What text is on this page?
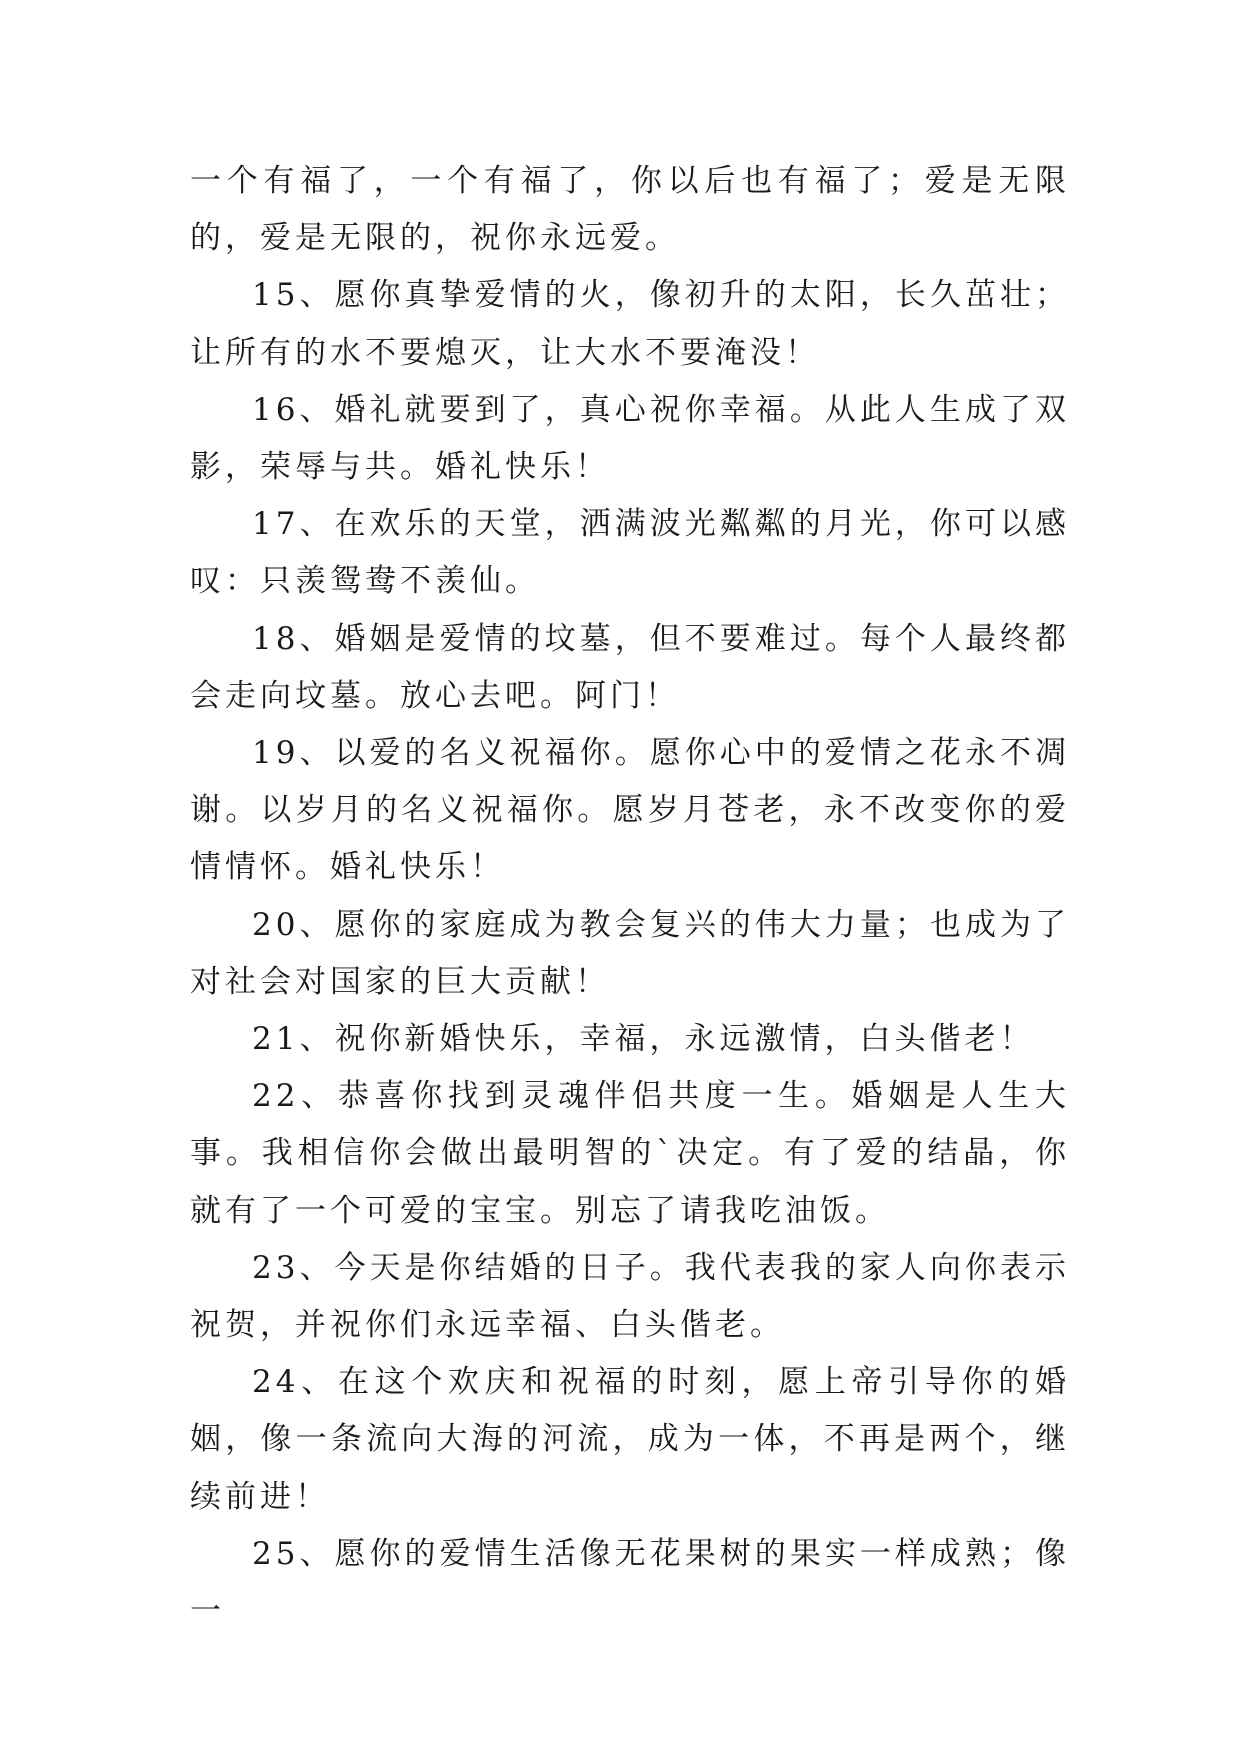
一个有福了，一个有福了，你以后也有福了；爱是无限的，爱是无限的，祝你永远爱。

15、愿你真挚爱情的火，像初升的太阳，长久茁壮；让所有的水不要熄灭，让大水不要淹没！

16、婚礼就要到了，真心祝你幸福。从此人生成了双影，荣辱与共。婚礼快乐！

17、在欢乐的天堂，洒满波光粼粼的月光，你可以感叹：只羡鸳鸯不羡仙。

18、婚姻是爱情的坟墓，但不要难过。每个人最终都会走向坟墓。放心去吧。阿门！

19、以爱的名义祝福你。愿你心中的爱情之花永不凋谢。以岁月的名义祝福你。愿岁月苍老，永不改变你的爱情情怀。婚礼快乐！

20、愿你的家庭成为教会复兴的伟大力量；也成为了对社会对国家的巨大贡献！

21、祝你新婚快乐，幸福，永远激情，白头偕老！

22、恭喜你找到灵魂伴侣共度一生。婚姻是人生大事。我相信你会做出最明智的`决定。有了爱的结晶，你就有了一个可爱的宝宝。别忘了请我吃油饭。

23、今天是你结婚的日子。我代表我的家人向你表示祝贺，并祝你们永远幸福、白头偕老。

24、在这个欢庆和祝福的时刻，愿上帝引导你的婚姻，像一条流向大海的河流，成为一体，不再是两个，继续前进！

25、愿你的爱情生活像无花果树的果实一样成熟；像一
